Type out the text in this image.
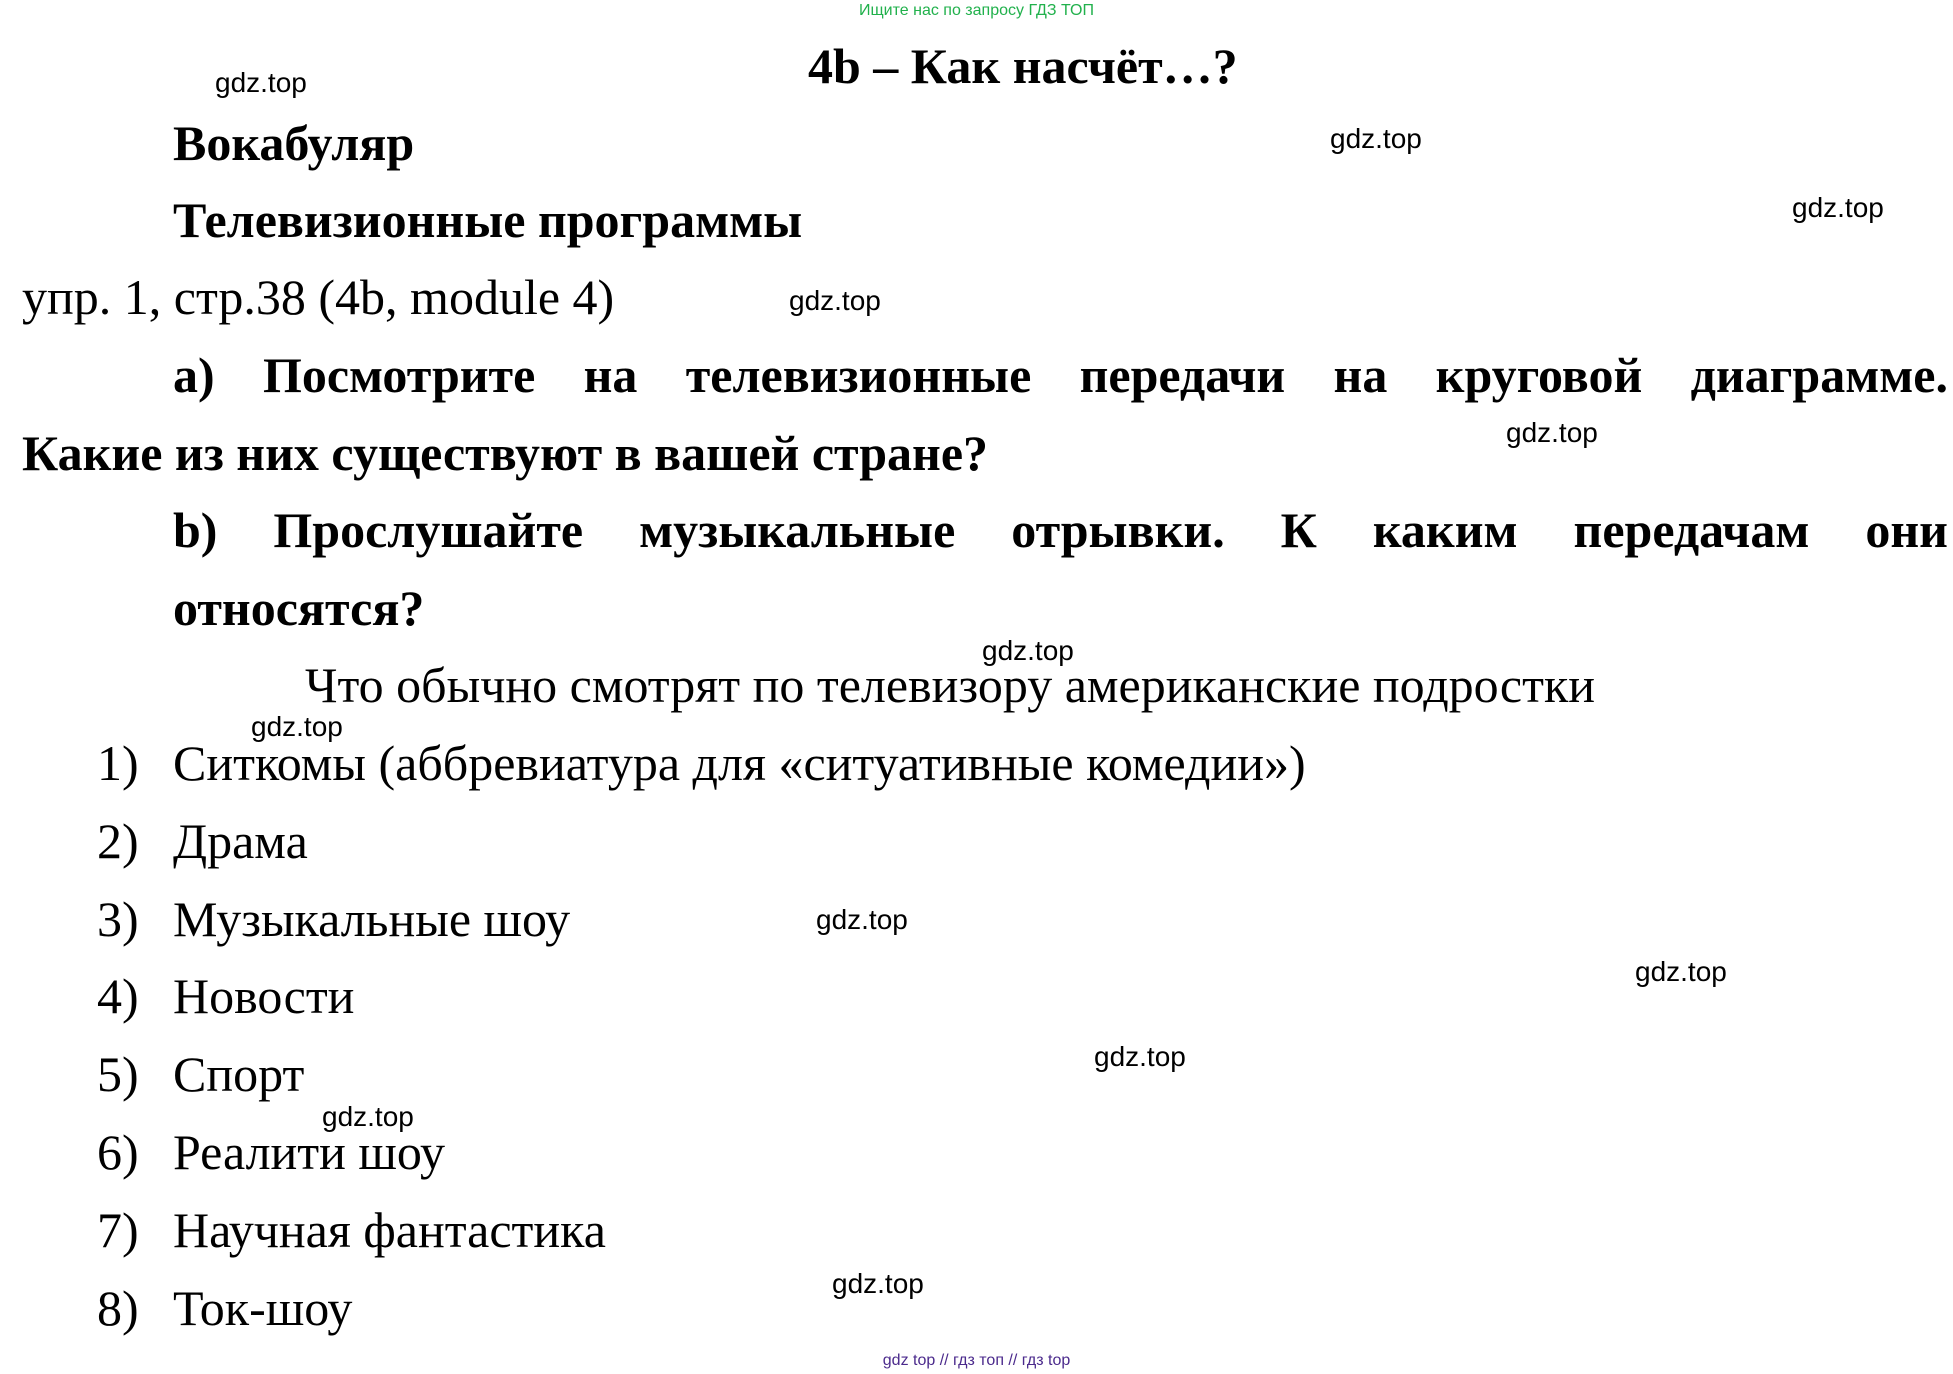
Ищите нас по запросу ГДЗ ТОП
4b – Как насчёт…?
Вокабуляр
Телевизионные программы
упр. 1, стр.38 (4b, module 4)
a) Посмотрите на телевизионные передачи на круговой диаграмме.
Какие из них существуют в вашей стране?
b) Прослушайте музыкальные отрывки. К каким передачам они
относятся?
Что обычно смотрят по телевизору американские подростки
1) Ситкомы (аббревиатура для «ситуативные комедии»)
2) Драма
3) Музыкальные шоу
4) Новости
5) Спорт
6) Реалити шоу
7) Научная фантастика
8) Ток-шоу
gdz.top
gdz.top
gdz.top
gdz.top
gdz.top
gdz.top
gdz.top
gdz.top
gdz.top
gdz.top
gdz.top
gdz.top
gdz top // гдз топ // гдз top
